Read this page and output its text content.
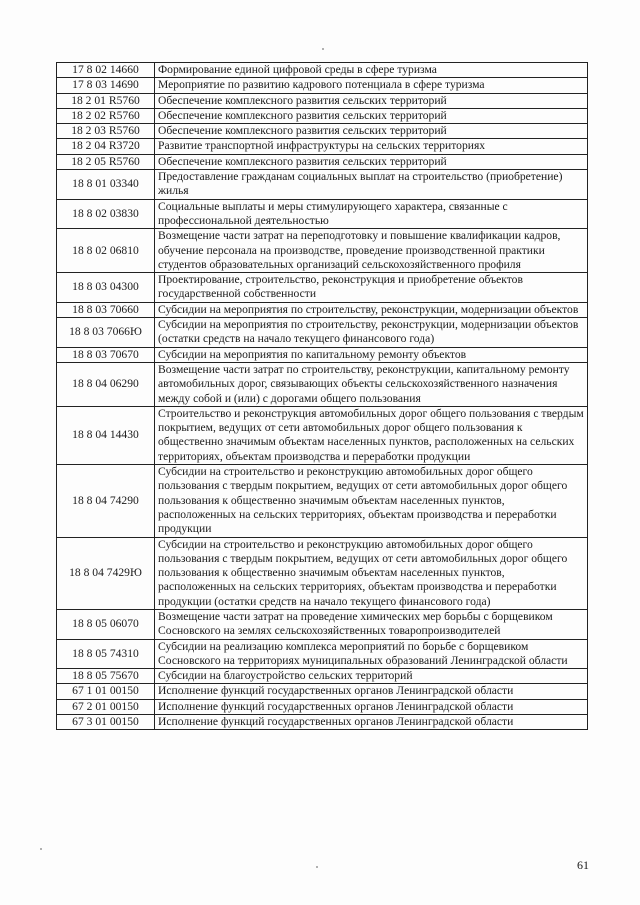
17 8 02 14660	Формирование единой цифровой среды в сфере туризма
17 8 03 14690	Мероприятие по развитию кадрового потенциала в сфере туризма
18 2 01 R5760	Обеспечение комплексного развития сельских территорий
18 2 02 R5760	Обеспечение комплексного развития сельских территорий
18 2 03 R5760	Обеспечение комплексного развития сельских территорий
18 2 04 R3720	Развитие транспортной инфраструктуры на сельских территориях
18 2 05 R5760	Обеспечение комплексного развития сельских территорий
18 8 01 03340	Предоставление гражданам социальных выплат на строительство (приобретение) жилья
18 8 02 03830	Социальные выплаты и меры стимулирующего характера, связанные с профессиональной деятельностью
18 8 02 06810	Возмещение части затрат на переподготовку и повышение квалификации кадров, обучение персонала на производстве, проведение производственной практики студентов образовательных организаций сельскохозяйственного профиля
18 8 03 04300	Проектирование, строительство, реконструкция и приобретение объектов государственной собственности
18 8 03 70660	Субсидии на мероприятия по строительству, реконструкции, модернизации объектов
18 8 03 7066Ю	Субсидии на мероприятия по строительству, реконструкции, модернизации объектов (остатки средств на начало текущего финансового года)
18 8 03 70670	Субсидии на мероприятия по капитальному ремонту объектов
18 8 04 06290	Возмещение части затрат по строительству, реконструкции, капитальному ремонту автомобильных дорог, связывающих объекты сельскохозяйственного назначения между собой и (или) с дорогами общего пользования
18 8 04 14430	Строительство и реконструкция автомобильных дорог общего пользования с твердым покрытием, ведущих от сети автомобильных дорог общего пользования к общественно значимым объектам населенных пунктов, расположенных на сельских территориях, объектам производства и переработки продукции
18 8 04 74290	Субсидии на строительство и реконструкцию автомобильных дорог общего пользования с твердым покрытием, ведущих от сети автомобильных дорог общего пользования к общественно значимым объектам населенных пунктов, расположенных на сельских территориях, объектам производства и переработки продукции
18 8 04 7429Ю	Субсидии на строительство и реконструкцию автомобильных дорог общего пользования с твердым покрытием, ведущих от сети автомобильных дорог общего пользования к общественно значимым объектам населенных пунктов, расположенных на сельских территориях, объектам производства и переработки продукции (остатки средств на начало текущего финансового года)
18 8 05 06070	Возмещение части затрат на проведение химических мер борьбы с борщевиком Сосновского на землях сельскохозяйственных товаропроизводителей
18 8 05 74310	Субсидии на реализацию комплекса мероприятий по борьбе с борщевиком Сосновского на территориях муниципальных образований Ленинградской области
18 8 05 75670	Субсидии на благоустройство сельских территорий
67 1 01 00150	Исполнение функций государственных органов Ленинградской области
67 2 01 00150	Исполнение функций государственных органов Ленинградской области
67 3 01 00150	Исполнение функций государственных органов Ленинградской области
61
